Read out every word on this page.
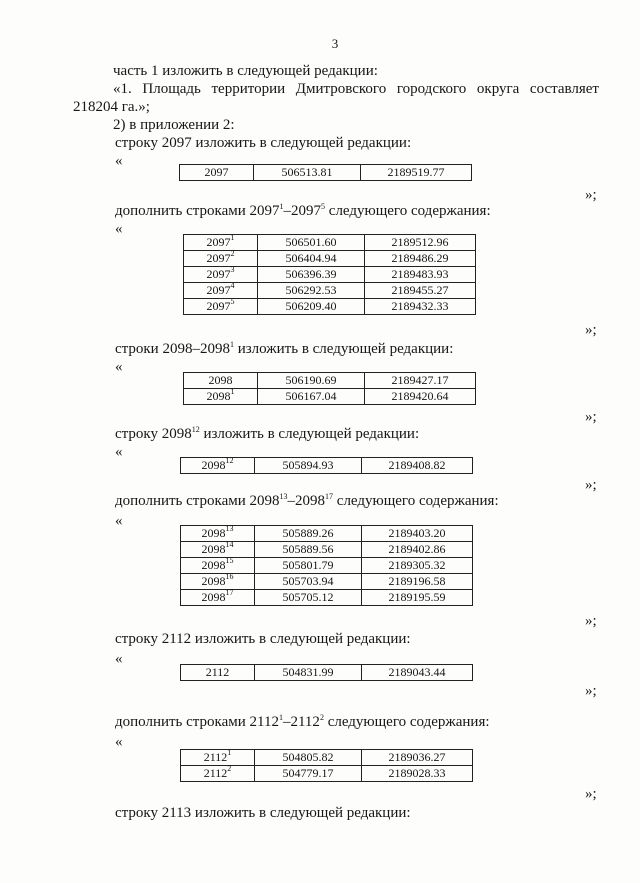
3
часть 1 изложить в следующей редакции:
«1. Площадь территории Дмитровского городского округа составляет
218204 га.»;
2) в приложении 2:
строку 2097 изложить в следующей редакции:
«
2097	506513.81	2189519.77
»;
дополнить строками 2097$^1$–2097$^5$ следующего содержания:
«
2097$^1$	506501.60	2189512.96
2097$^2$	506404.94	2189486.29
2097$^3$	506396.39	2189483.93
2097$^4$	506292.53	2189455.27
2097$^5$	506209.40	2189432.33
»;
строки 2098–2098$^1$ изложить в следующей редакции:
«
2098	506190.69	2189427.17
2098$^1$	506167.04	2189420.64
»;
строку 2098$^{12}$ изложить в следующей редакции:
«
2098$^{12}$	505894.93	2189408.82
»;
дополнить строками 2098$^{13}$–2098$^{17}$ следующего содержания:
«
2098$^{13}$	505889.26	2189403.20
2098$^{14}$	505889.56	2189402.86
2098$^{15}$	505801.79	2189305.32
2098$^{16}$	505703.94	2189196.58
2098$^{17}$	505705.12	2189195.59
»;
строку 2112 изложить в следующей редакции:
«
2112	504831.99	2189043.44
»;
дополнить строками 2112$^1$–2112$^2$ следующего содержания:
«
2112$^1$	504805.82	2189036.27
2112$^2$	504779.17	2189028.33
»;
строку 2113 изложить в следующей редакции:
